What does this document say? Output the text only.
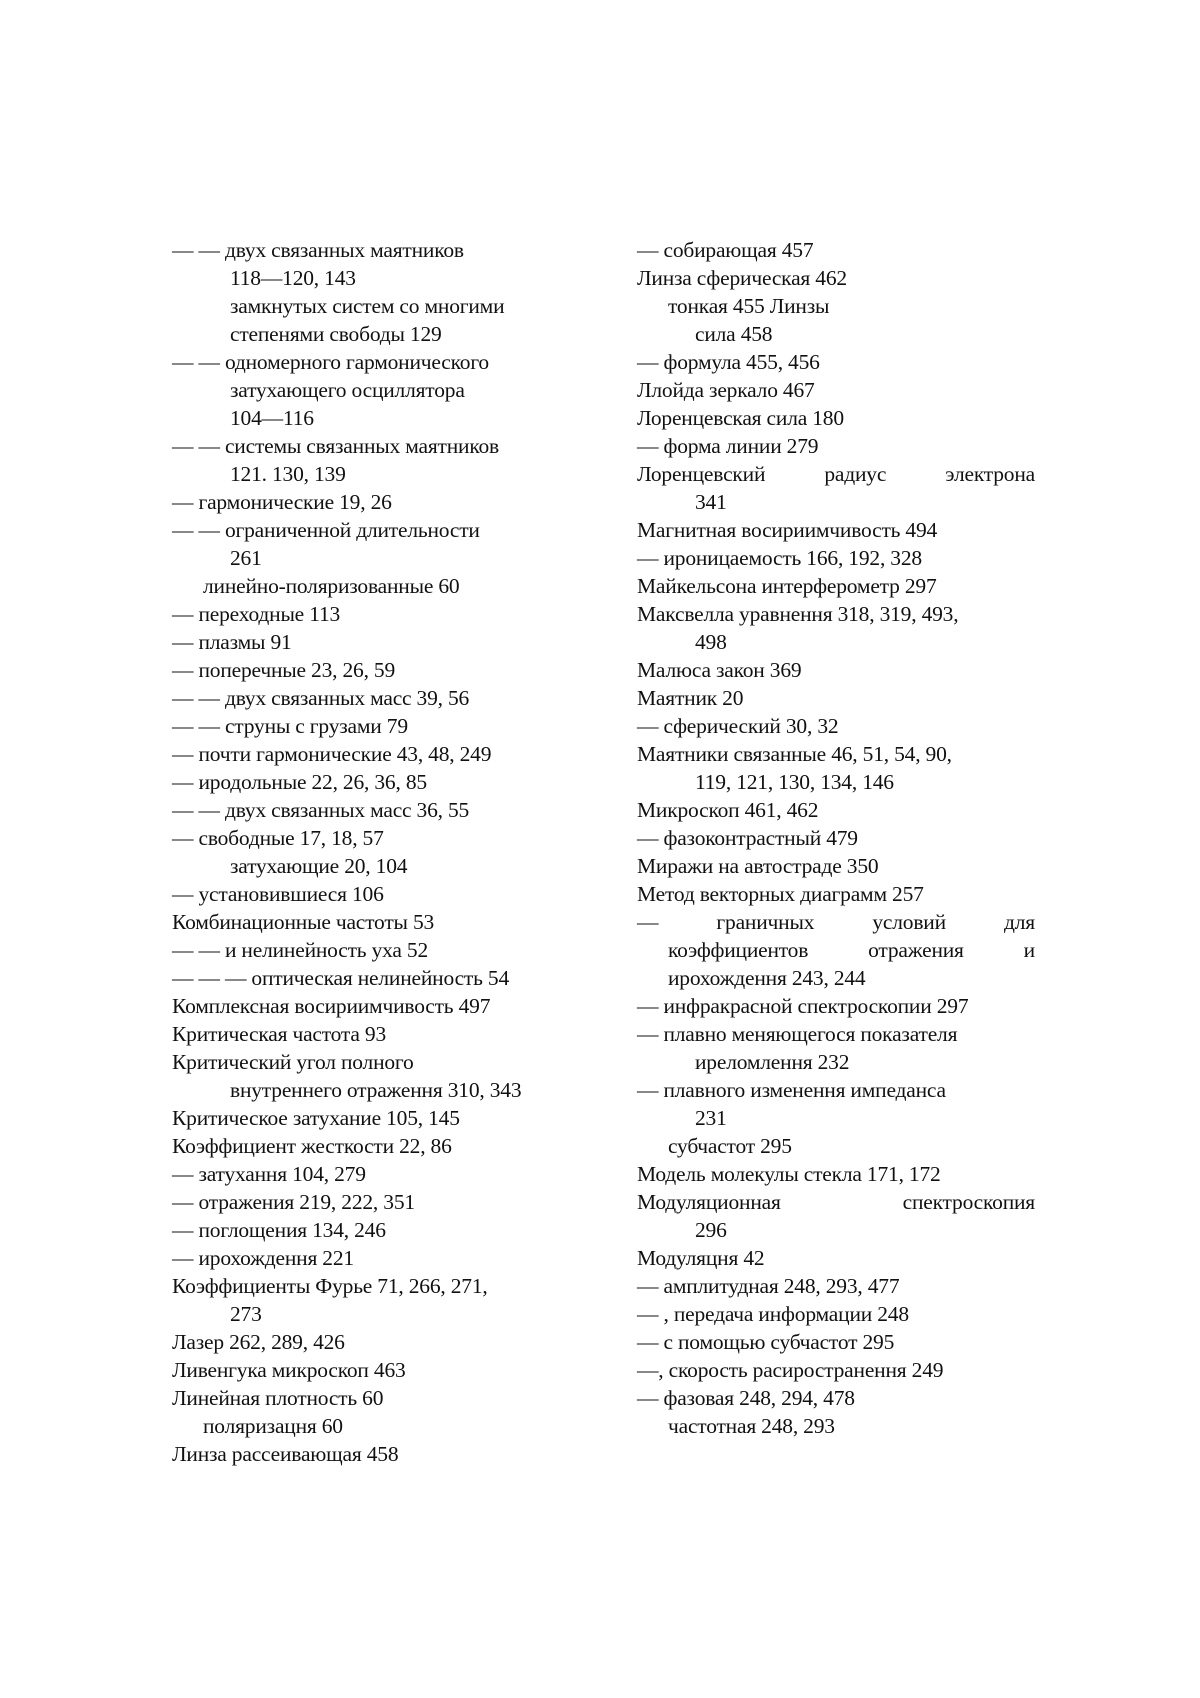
— — двух связанных маятников
118—120, 143
замкнутых систем со многими
степенями свободы 129
— — одномерного гармонического
затухающего осциллятора
104—116
— — системы связанных маятников
121. 130, 139
— гармонические 19, 26
— — ограниченной длительности
261
линейно-поляризованные 60
— переходные 113
— плазмы 91
— поперечные 23, 26, 59
— — двух связанных масс 39, 56
— — струны с грузами 79
— почти гармонические 43, 48, 249
— иродольные 22, 26, 36, 85
— — двух связанных масс 36, 55
— свободные 17, 18, 57
затухающие 20, 104
— установившиеся 106
Комбинационные частоты 53
— — и нелинейность уха 52
— — — оптическая нелинейность 54
Комплексная восириимчивость 497
Критическая частота 93
Критический угол полного
внутреннего отраження 310, 343
Критическое затухание 105, 145
Коэффициент жесткости 22, 86
— затухання 104, 279
— отражения 219, 222, 351
— поглощения 134, 246
— ирохождення 221
Коэффициенты Фурье 71, 266, 271,
273
Лазер 262, 289, 426
Ливенгука микроскоп 463
Линейная плотность 60
поляризацня 60
Линза рассеивающая 458
— собирающая 457
Линза сферическая 462
тонкая 455 Линзы
сила 458
— формула 455, 456
Ллойда зеркало 467
Лоренцевская сила 180
— форма линии 279
Лоренцевский радиус электрона
341
Магнитная восириимчивость 494
— ироницаемость 166, 192, 328
Майкельсона интерферометр 297
Максвелла уравнення 318, 319, 493,
498
Малюса закон 369
Маятник 20
— сферический 30, 32
Маятники связанные 46, 51, 54, 90,
119, 121, 130, 134, 146
Микроскоп 461, 462
— фазоконтрастный 479
Миражи на автостраде 350
Метод векторных диаграмм 257
— граничных условий для
коэффициентов отражения и
ирохождення 243, 244
— инфракрасной спектроскопии 297
— плавно меняющегося показателя
иреломлення 232
— плавного изменення импеданса
231
субчастот 295
Модель молекулы стекла 171, 172
Модуляционная спектроскопия
296
Модуляцня 42
— амплитудная 248, 293, 477
— , передача информации 248
— с помощью субчастот 295
—, скорость расиространення 249
— фазовая 248, 294, 478
частотная 248, 293
